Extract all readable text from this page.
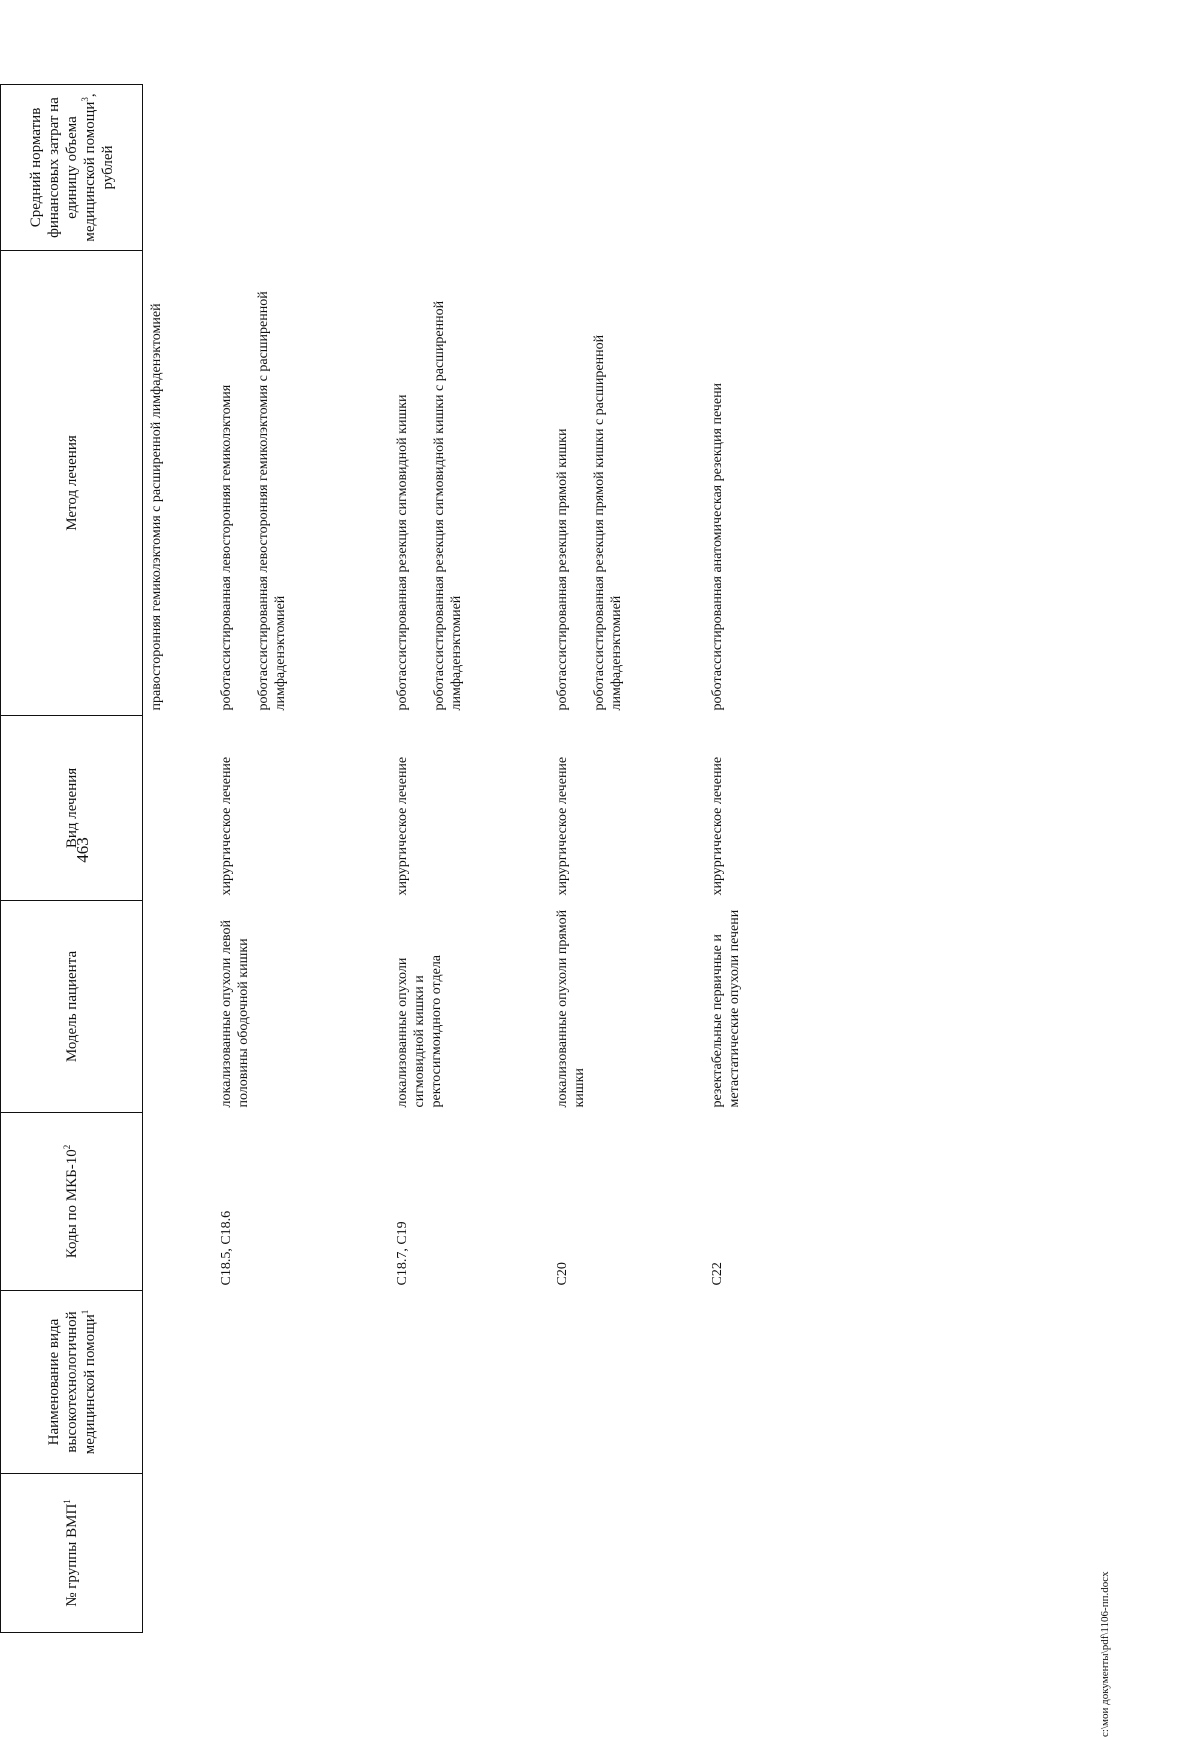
463
№ группы ВМП$^1$	Наименование вида высокотехнологичной медицинской помощи$^1$	Коды по МКБ-$10^2$	Модель пациента	Вид лечения	Метод лечения	Средний норматив финансовых затрат на единицу объема медицинской помощи$^3$, рублей

					правосторонняя гемиколэктомия с расширенной лимфаденэктомией	

		C18.5, C18.6	локализованные опухоли левой половины ободочной кишки	хирургическое лечение	роботассистированная левосторонняя гемиколэктомия роботассистированная левосторонняя гемиколэктомия с расширенной лимфаденэктомией	

		C18.7, C19	локализованные опухоли сигмовидной кишки и ректосигмоидного отдела	хирургическое лечение	роботассистированная резекция сигмовидной кишки роботассистированная резекция сигмовидной кишки с расширенной лимфаденэктомией	

		C20	локализованные опухоли прямой кишки	хирургическое лечение	роботассистированная резекция прямой кишки роботассистированная резекция прямой кишки с расширенной лимфаденэктомией	

		C22	резектабельные первичные и метастатические опухоли печени	хирургическое лечение	роботассистированная анатомическая резекция печени	

c:\мои документы\pdf\1106-пп.docx
